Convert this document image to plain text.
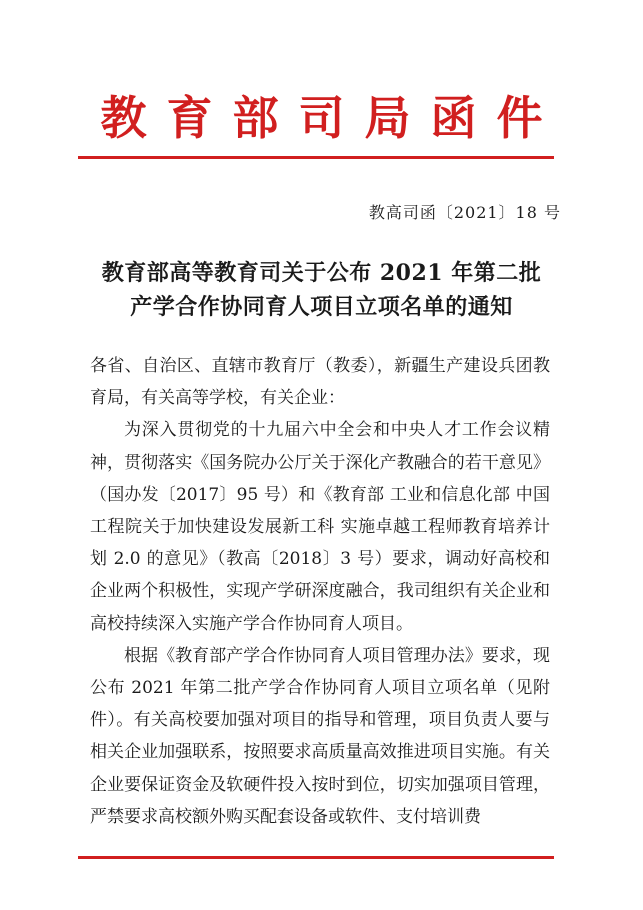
教育部司局函件
教高司函〔2021〕18 号
教育部高等教育司关于公布 2021 年第二批
产学合作协同育人项目立项名单的通知

各省、自治区、直辖市教育厅（教委），新疆生产建设兵团教育局，有关高等学校，有关企业：

为深入贯彻党的十九届六中全会和中央人才工作会议精神，贯彻落实《国务院办公厅关于深化产教融合的若干意见》（国办发〔2017〕95 号）和《教育部 工业和信息化部 中国工程院关于加快建设发展新工科 实施卓越工程师教育培养计划 2.0 的意见》（教高〔2018〕3 号）要求，调动好高校和企业两个积极性，实现产学研深度融合，我司组织有关企业和高校持续深入实施产学合作协同育人项目。

根据《教育部产学合作协同育人项目管理办法》要求，现公布 2021 年第二批产学合作协同育人项目立项名单（见附件）。有关高校要加强对项目的指导和管理，项目负责人要与相关企业加强联系，按照要求高质量高效推进项目实施。有关企业要保证资金及软硬件投入按时到位，切实加强项目管理，严禁要求高校额外购买配套设备或软件、支付培训费
